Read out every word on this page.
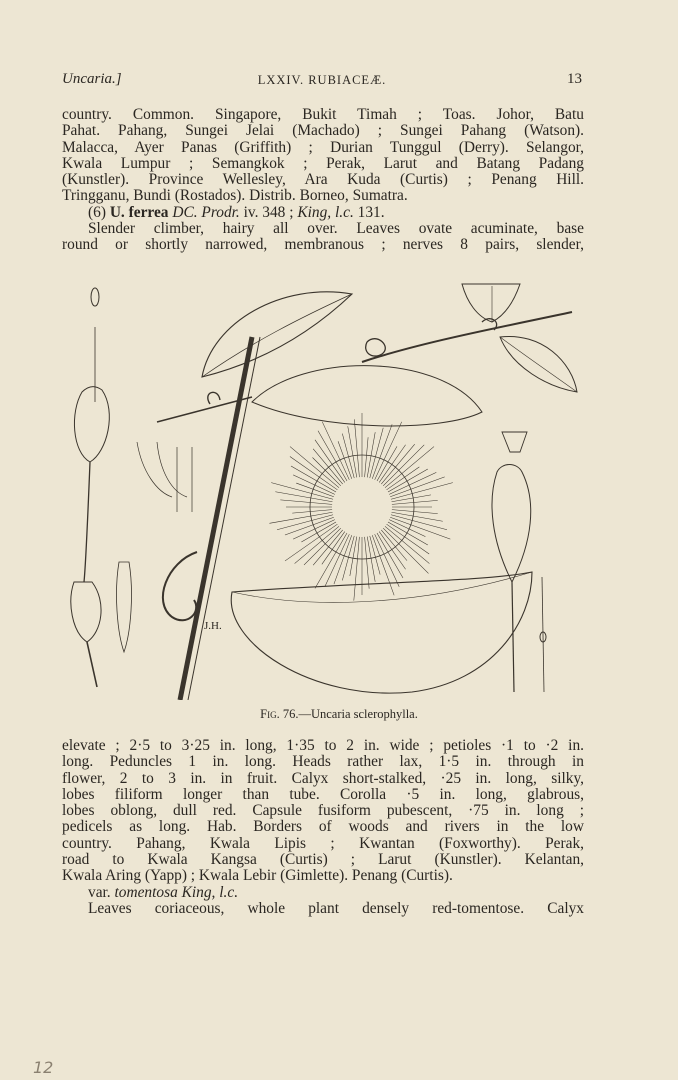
Uncaria.]	LXXIV. RUBIACEÆ.	13
country. Common. Singapore, Bukit Timah ; Toas. Johor, Batu
Pahat. Pahang, Sungei Jelai (Machado) ; Sungei Pahang (Watson).
Malacca, Ayer Panas (Griffith) ; Durian Tunggul (Derry). Selangor,
Kwala Lumpur ; Semangkok ; Perak, Larut and Batang Padang
(Kunstler). Province Wellesley, Ara Kuda (Curtis) ; Penang Hill.
Tringganu, Bundi (Rostados). Distrib. Borneo, Sumatra.
(6) U. ferrea DC. Prodr. iv. 348 ; King, l.c. 131.
Slender climber, hairy all over. Leaves ovate acuminate, base
round or shortly narrowed, membranous ; nerves 8 pairs, slender,
J.H.
Fig. 76.—Uncaria sclerophylla.
elevate ; 2·5 to 3·25 in. long, 1·35 to 2 in. wide ; petioles ·1 to ·2 in.
long. Peduncles 1 in. long. Heads rather lax, 1·5 in. through in
flower, 2 to 3 in. in fruit. Calyx short-stalked, ·25 in. long, silky,
lobes filiform longer than tube. Corolla ·5 in. long, glabrous,
lobes oblong, dull red. Capsule fusiform pubescent, ·75 in. long ;
pedicels as long. Hab. Borders of woods and rivers in the low
country. Pahang, Kwala Lipis ; Kwantan (Foxworthy). Perak,
road to Kwala Kangsa (Curtis) ; Larut (Kunstler). Kelantan,
Kwala Aring (Yapp) ; Kwala Lebir (Gimlette). Penang (Curtis).
var. tomentosa King, l.c.
Leaves coriaceous, whole plant densely red-tomentose. Calyx
12
